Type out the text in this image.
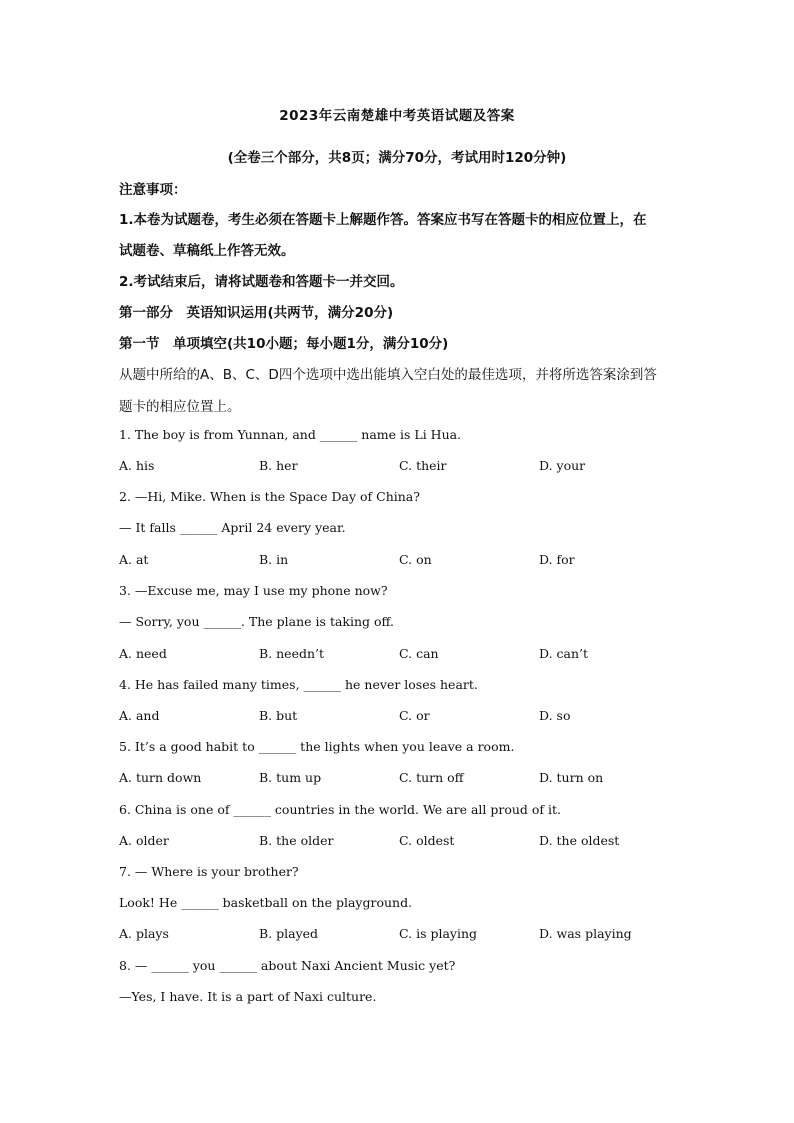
2023年云南楚雄中考英语试题及答案
(全卷三个部分，共8页；满分70分，考试用时120分钟)
注意事项：
1.本卷为试题卷，考生必须在答题卡上解题作答。答案应书写在答题卡的相应位置上，在
试题卷、草稿纸上作答无效。
2.考试结束后，请将试题卷和答题卡一并交回。
第一部分　英语知识运用(共两节，满分20分)
第一节　单项填空(共10小题；每小题1分，满分10分)
从题中所给的A、B、C、D四个选项中选出能填入空白处的最佳选项，并将所选答案涂到答
题卡的相应位置上。
1. The boy is from Yunnan, and ______ name is Li Hua.
A. his	B. her	C. their	D. your
2. —Hi, Mike. When is the Space Day of China?
— It falls ______ April 24 every year.
A. at	B. in	C. on	D. for
3. —Excuse me, may I use my phone now?
— Sorry, you ______. The plane is taking off.
A. need	B. needn’t	C. can	D. can’t
4. He has failed many times, ______ he never loses heart.
A. and	B. but	C. or	D. so
5. It’s a good habit to ______ the lights when you leave a room.
A. turn down	B. tum up	C. turn off	D. turn on
6. China is one of ______ countries in the world. We are all proud of it.
A. older	B. the older	C. oldest	D. the oldest
7. — Where is your brother?
Look! He ______ basketball on the playground.
A. plays	B. played	C. is playing	D. was playing
8. — ______ you ______ about Naxi Ancient Music yet?
—Yes, I have. It is a part of Naxi culture.
